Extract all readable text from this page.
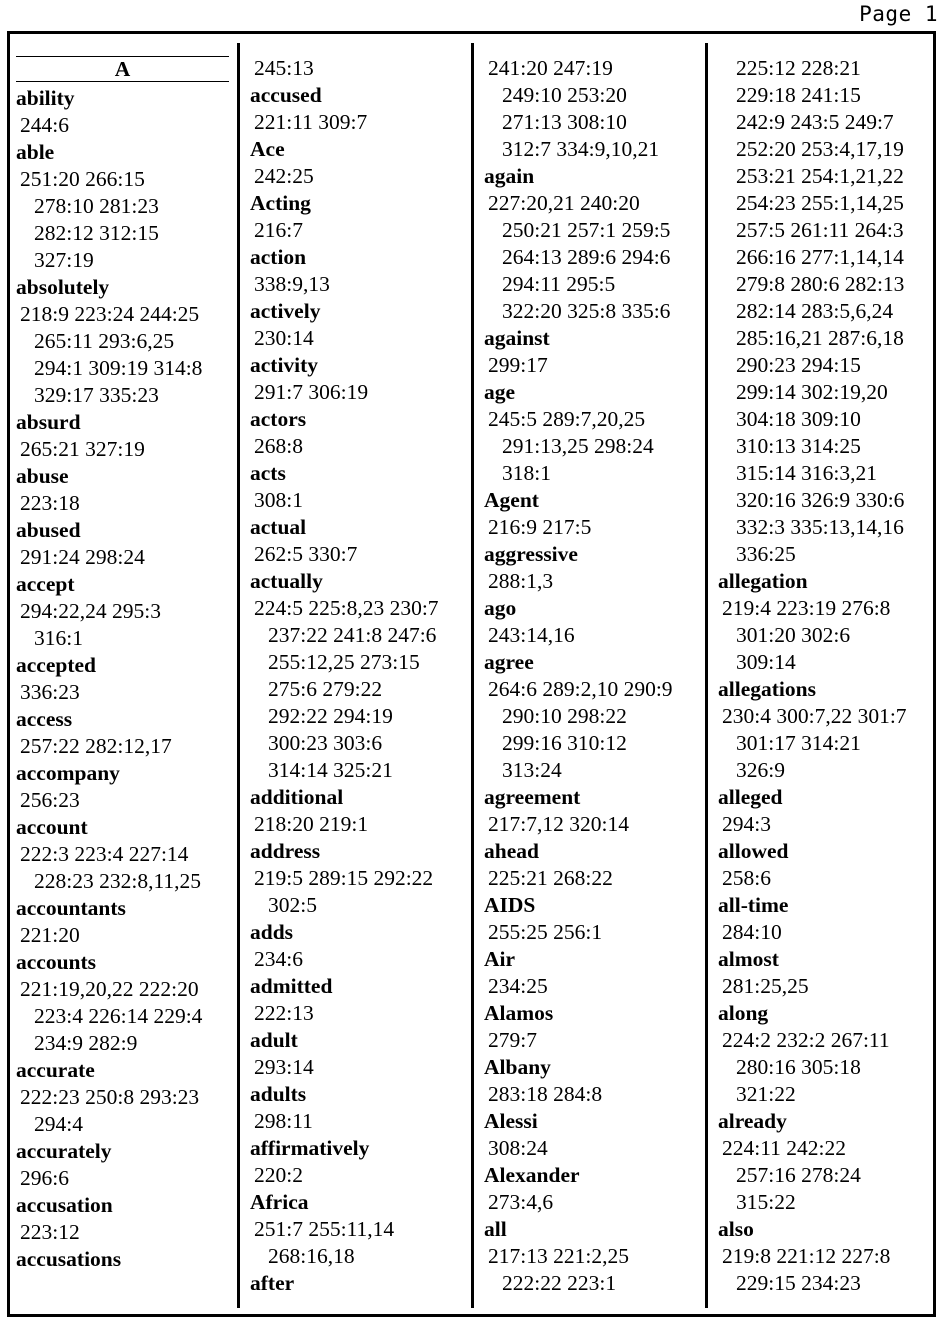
Page 1
A
ability
244:6
able
251:20 266:15
278:10 281:23
282:12 312:15
327:19
absolutely
218:9 223:24 244:25
265:11 293:6,25
294:1 309:19 314:8
329:17 335:23
absurd
265:21 327:19
abuse
223:18
abused
291:24 298:24
accept
294:22,24 295:3
316:1
accepted
336:23
access
257:22 282:12,17
accompany
256:23
account
222:3 223:4 227:14
228:23 232:8,11,25
accountants
221:20
accounts
221:19,20,22 222:20
223:4 226:14 229:4
234:9 282:9
accurate
222:23 250:8 293:23
294:4
accurately
296:6
accusation
223:12
accusations
245:13
accused
221:11 309:7
Ace
242:25
Acting
216:7
action
338:9,13
actively
230:14
activity
291:7 306:19
actors
268:8
acts
308:1
actual
262:5 330:7
actually
224:5 225:8,23 230:7
237:22 241:8 247:6
255:12,25 273:15
275:6 279:22
292:22 294:19
300:23 303:6
314:14 325:21
additional
218:20 219:1
address
219:5 289:15 292:22
302:5
adds
234:6
admitted
222:13
adult
293:14
adults
298:11
affirmatively
220:2
Africa
251:7 255:11,14
268:16,18
after
241:20 247:19
249:10 253:20
271:13 308:10
312:7 334:9,10,21
again
227:20,21 240:20
250:21 257:1 259:5
264:13 289:6 294:6
294:11 295:5
322:20 325:8 335:6
against
299:17
age
245:5 289:7,20,25
291:13,25 298:24
318:1
Agent
216:9 217:5
aggressive
288:1,3
ago
243:14,16
agree
264:6 289:2,10 290:9
290:10 298:22
299:16 310:12
313:24
agreement
217:7,12 320:14
ahead
225:21 268:22
AIDS
255:25 256:1
Air
234:25
Alamos
279:7
Albany
283:18 284:8
Alessi
308:24
Alexander
273:4,6
all
217:13 221:2,25
222:22 223:1
225:12 228:21
229:18 241:15
242:9 243:5 249:7
252:20 253:4,17,19
253:21 254:1,21,22
254:23 255:1,14,25
257:5 261:11 264:3
266:16 277:1,14,14
279:8 280:6 282:13
282:14 283:5,6,24
285:16,21 287:6,18
290:23 294:15
299:14 302:19,20
304:18 309:10
310:13 314:25
315:14 316:3,21
320:16 326:9 330:6
332:3 335:13,14,16
336:25
allegation
219:4 223:19 276:8
301:20 302:6
309:14
allegations
230:4 300:7,22 301:7
301:17 314:21
326:9
alleged
294:3
allowed
258:6
all-time
284:10
almost
281:25,25
along
224:2 232:2 267:11
280:16 305:18
321:22
already
224:11 242:22
257:16 278:24
315:22
also
219:8 221:12 227:8
229:15 234:23
